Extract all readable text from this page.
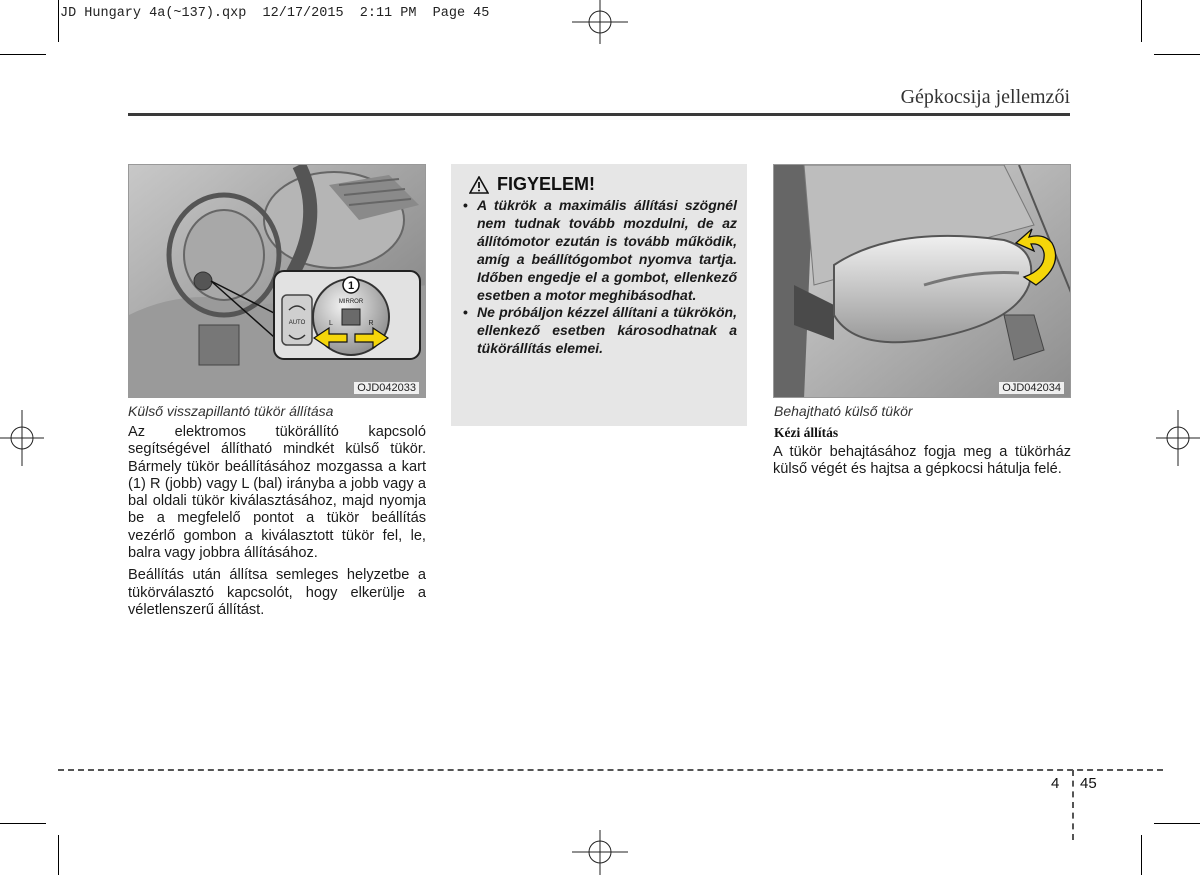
JD Hungary 4a(~137).qxp  12/17/2015  2:11 PM  Page 45
Gépkocsija jellemzői
1
MIRROR
L	R
AUTO
OJD042033
Külső visszapillantó tükör állítása

Az elektromos tükörállító kapcsoló segítségével állítható mindkét külső tükör. Bármely tükör beállításához mozgassa a kart (1) R (jobb) vagy L (bal) irányba a jobb vagy a bal oldali tükör kiválasztásához, majd nyomja be a megfelelő pontot a tükör beállítás vezérlő gombon a kiválasztott tükör fel, le, balra vagy jobbra állításához.

Beállítás után állítsa semleges helyzetbe a tükörválasztó kapcsolót, hogy elkerülje a véletlenszerű állítást.

FIGYELEM!
• A tükrök a maximális állítási szögnél nem tudnak tovább mozdulni, de az állítómotor ezután is tovább működik, amíg a beállítógombot nyomva tartja. Időben engedje el a gombot, ellenkező esetben a motor meghibásodhat.
• Ne próbáljon kézzel állítani a tükrökön, ellenkező esetben károsodhatnak a tükörállítás elemei.
OJD042034
Behajtható külső tükör
Kézi állítás

A tükör behajtásához fogja meg a tükörház külső végét és hajtsa a gépkocsi hátulja felé.

4 45
